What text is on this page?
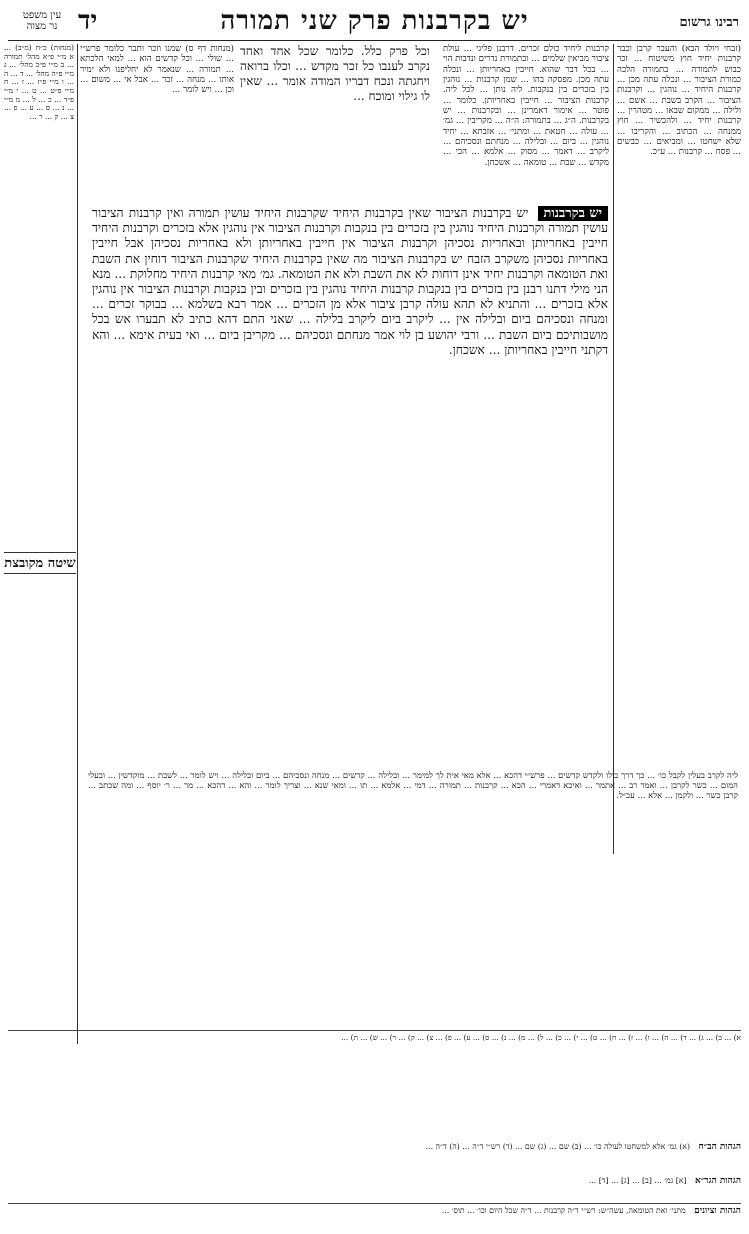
רבינו גרשום
יש בקרבנות פרק שני תמורה
יד
עין משפט
נר מצוה
(זבחי ויולד הבא) והעבר קרבן וכבר קרבנות יחיד חוץ משיטוח ... זכר כבוש לתמורה ... בתמורה הלכה כמורת הציבור ... ונכלה עתה מכן ... קרבנות היחיד ... נוהגין ... וקרבנות הציבור ... הקרב בשבת ... אשם ... ולילה ... ממקום שבאו ... מטהרין ... קרבנות יחיד ... ולהכשיר ... חוץ ממנחה ... הכתוב ... והקריבו ... שלא ישחטו ... ומביאים ... כבשים ... פסח ... קרבנות ... ע״כ.
קרבנות ליחיד כולם זכרים. דרבנן פליגי ... עולת ציבור מביאין שלמים ... ובתמורת נדרים ונדבות הוי ... בכל דבר שהוא. חייבין באחריותן ... ונכלה עתה מכן. מפסקה בהו ... שמן קרבנות ... נוהגין בין בזכרים בין בנקבות. ליה נותן ... לכל ליה. קרבנות הציבור ... חייבין באחריותן. כלומר ... פוטר ... אימור דאמרינן ... ובקרבנות ... יש בקרבנות. ה״ג ... בתמורה: ה״ה ... מקריבין ... גמ׳ ... עולה ... חטאת ... ומתני׳ ... אזבתא ... יחיד נוהגין ... ביום ... ובלילה ... מנחתם ונסכיהם ... ליקרב ... דאמר ... מסוק ... אלמא ... הכי ... מקדש ... שבת ... טומאה ... אשכחן.
וכל פרק כלל. כלומר שכל אחד ואחד נקרב לענבו כל זכר מקדש ... וכלו ברואה ויחגתה ונכח דבריו המודה אומר ... שאין לו גילוי ומוכח ...
(מנחות דף ס) שמנו וזכר ותבר כלומר פרש״י ... שולי ... וכל קדשים הוא ... למאי הלכתא ... תמורה ... שנאמר לא יחליפנו ולא ימיר אותו ... מנחה ... זכר ... אבל אי ... משום ... וכן ... ויש לומר ...
(מנחות) כ״ח (מ״ב) ... א מ״י פ״א מהל׳ תמורה ... ב מ״י פ״ב מהל׳ ... ג מ״י פ״ה מהל׳ ... ד ... ה ... ו מ״י פ״ז ... ז ... ח מ״י פ״ט ... ט ... י מ״י פ״ד ... כ ... ל ... מ מ״י ... נ ... ס ... ע ... פ ... צ ... ק ... ר ...
שיטה מקובצת
יש בקרבנות יש בקרבנות הציבור שאין בקרבנות היחיד שקרבנות היחיד עושין תמורה ואין קרבנות הציבור עושין תמורה וקרבנות היחיד נוהגין בין בזכרים בין בנקבות וקרבנות הציבור אין נוהגין אלא בזכרים וקרבנות היחיד חייבין באחריותן ובאחריות נסכיהן וקרבנות הציבור אין חייבין באחריותן ולא באחריות נסכיהן אבל חייבין באחריות נסכיהן משקרב הזבח יש בקרבנות הציבור מה שאין בקרבנות היחיד שקרבנות הציבור דוחין את השבת ואת הטומאה וקרבנות יחיד אינן דוחות לא את השבת ולא את הטומאה. גמ׳ מאי קרבנות היחיד מחלוקת ... מנא הני מילי דתנו רבנן בין בזכרים בין בנקבות קרבנות היחיד נוהגין בין בזכרים ובין בנקבות וקרבנות הציבור אין נוהגין אלא בזכרים ... והתניא לא תהא עולה קרבן ציבור אלא מן הזכרים ... אמר רבא בשלמא ... בבוקר זכרים ... ומנחה ונסכיהם ביום ובלילה אין ... ליקרב ביום ליקרב בלילה ... שאני התם דהא כתיב לא תבערו אש בכל מושבותיכם ביום השבת ... ורבי יהושע בן לוי אמר מנחתם ונסכיהם ... מקריבן ביום ... ואי בעית אימא ... והא דקתני חייבין באחריותן ... אשכחן.
ליה לקרב בעלין לקבל כו׳ ... כך דרך כולו ולקדש קדשים ... פרש״י דהכא ... אלא מאי אית לך למימר ... ובלילה ... קדשים ... מנחה ונסכיהם ... ביום ובלילה ... ויש לומר ... לשבת ... מוקדשין ... ובעלי המום ... כשר לקרבן ... ואמר רב ... אתמר ... ואיכא דאמרי ... הכא ... קרבנות ... תמורה ... דמי ... אלמא ... תו ... ומאי שנא ... וצריך לומר ... והא ... דהכא ... מר ... ר׳ יוסף ... ומה שכתב ... קרבן כשר ... ולקמן ... אלא ... עכ״ל.
א) ... ב) ... ג) ... ד) ... ה) ... ו) ... ז) ... ח) ... ט) ... י) ... כ) ... ל) ... מ) ... נ) ... ס) ... ע) ... פ) ... צ) ... ק) ... ר) ... ש) ... ת) ...
הגהות הב״ח (א) גמ׳ אלא למשחטו לעולה כו׳ ... (ב) שם ... (ג) שם ... (ד) רש״י ד״ה ... (ה) ד״ה ...
הגהות הגר״א [א] גמ׳ ... [ב] ... [ג] ... [ד] ...
הגהות וציונים מתני׳ ואת הטומאה, עשה״ש: רש״י ד״ה קרבנות ... ד״ה שכל היום וכו׳ ... תוס׳ ...
